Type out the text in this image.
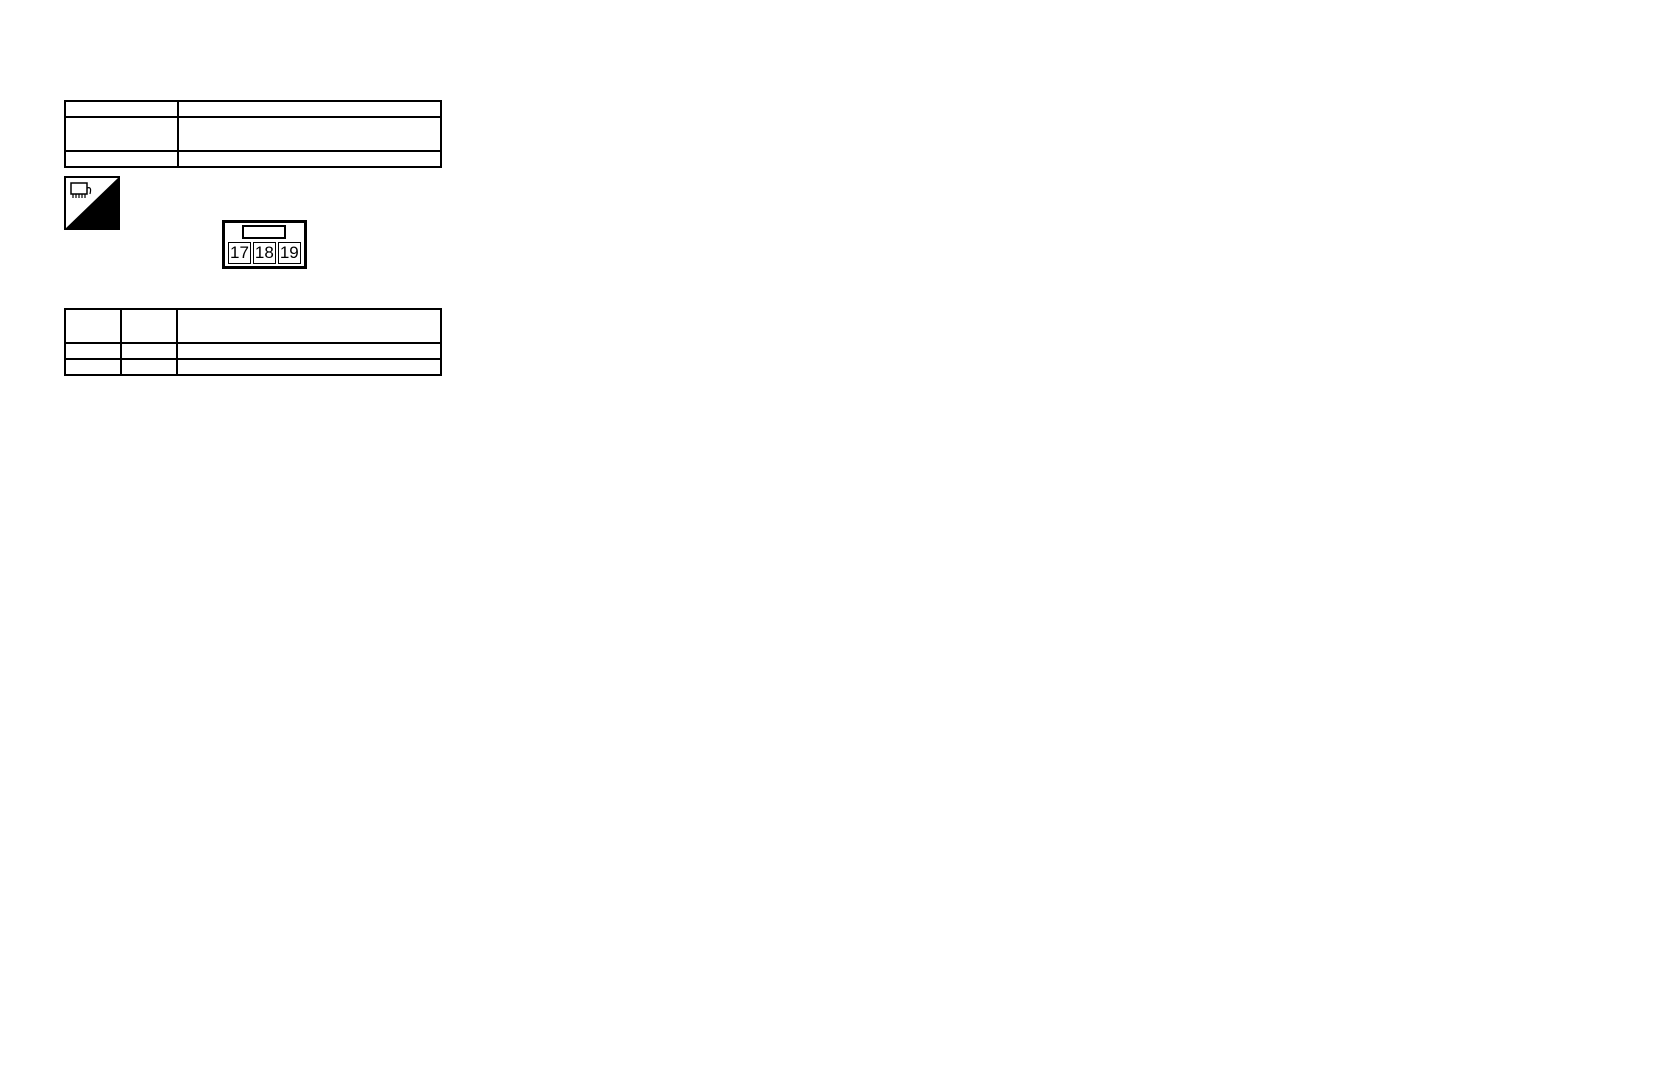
17 18 19
